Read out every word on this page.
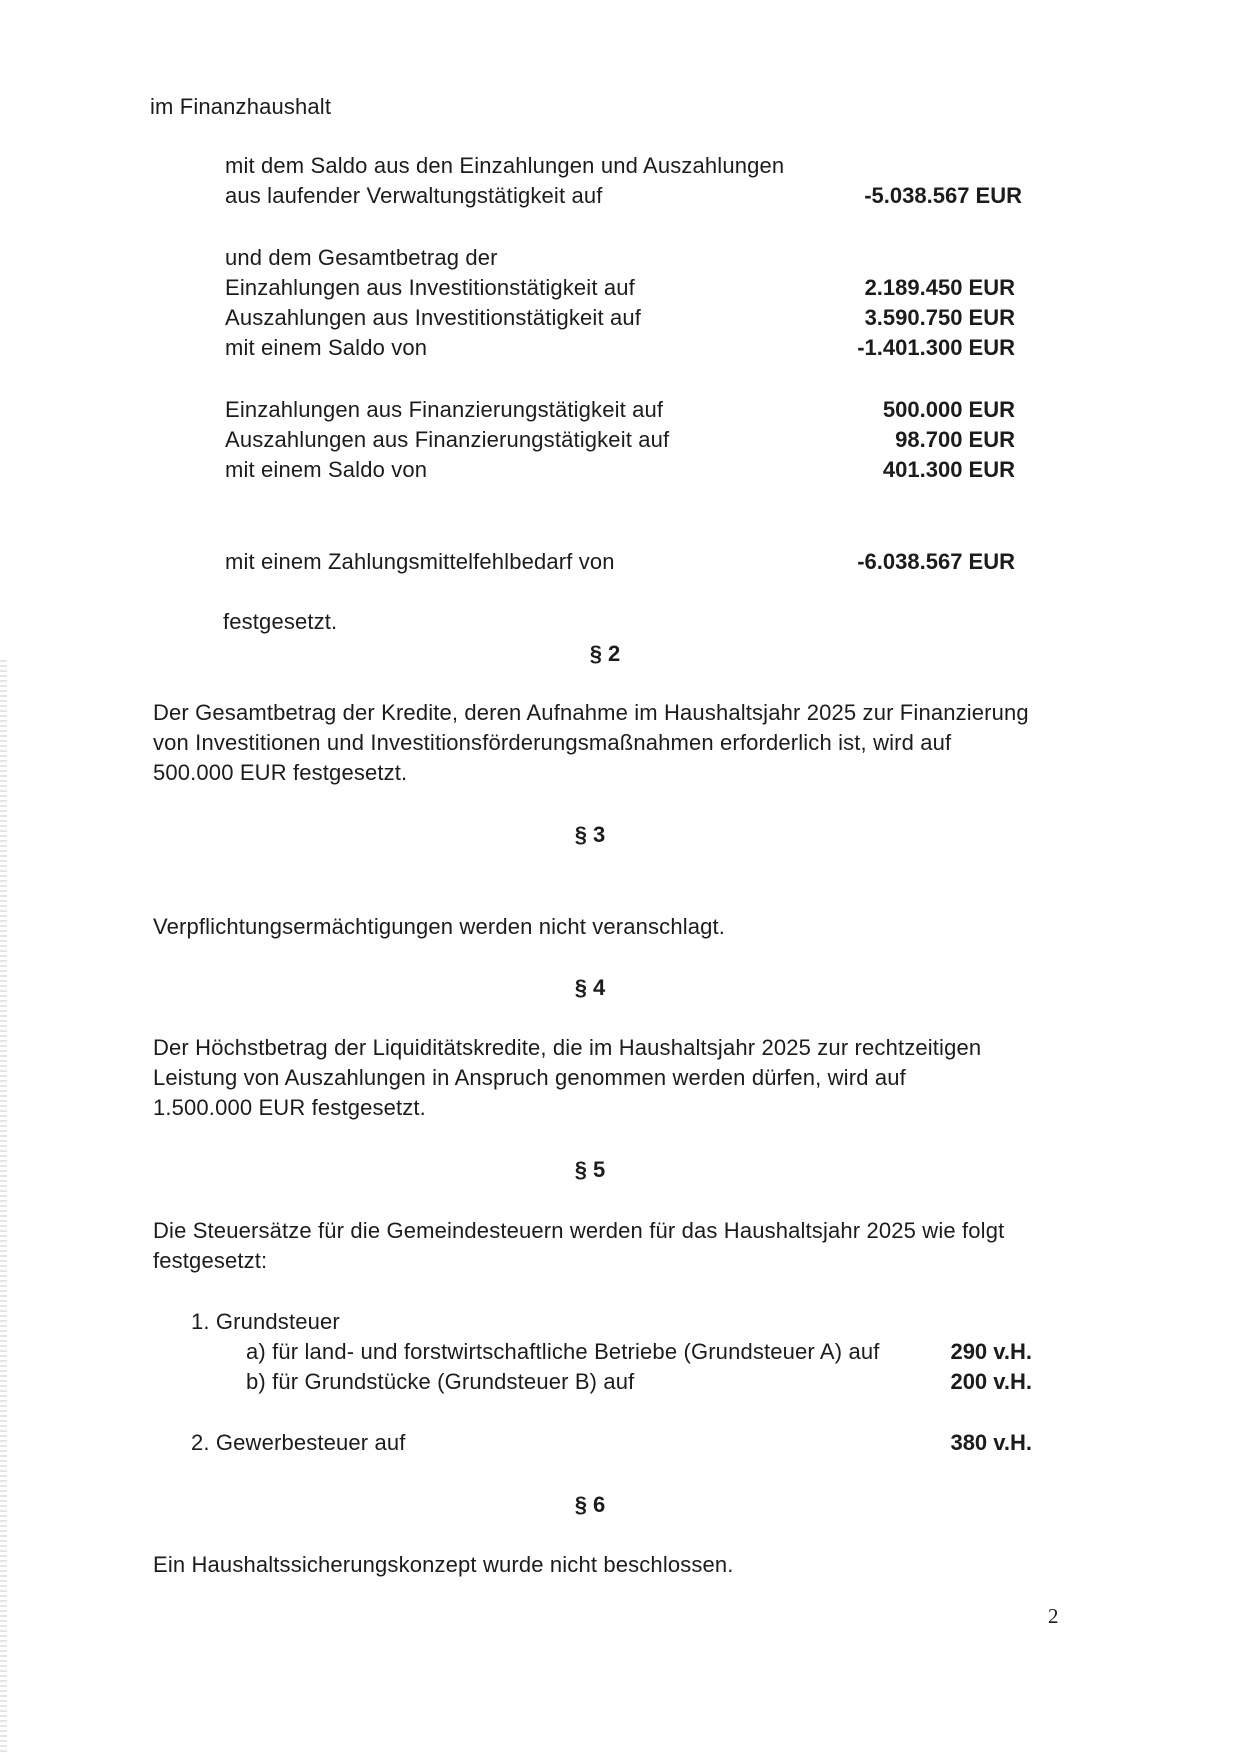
im Finanzhaushalt
mit dem Saldo aus den Einzahlungen und Auszahlungen
aus laufender Verwaltungstätigkeit auf	-5.038.567 EUR
und dem Gesamtbetrag der
Einzahlungen aus Investitionstätigkeit auf	2.189.450 EUR
Auszahlungen aus Investitionstätigkeit auf	3.590.750 EUR
mit einem Saldo von	-1.401.300 EUR
Einzahlungen aus Finanzierungstätigkeit auf	500.000 EUR
Auszahlungen aus Finanzierungstätigkeit auf	98.700 EUR
mit einem Saldo von	401.300 EUR
mit einem Zahlungsmittelfehlbedarf von	-6.038.567 EUR
festgesetzt.
§ 2
Der Gesamtbetrag der Kredite, deren Aufnahme im Haushaltsjahr 2025 zur Finanzierung
von Investitionen und Investitionsförderungsmaßnahmen erforderlich ist, wird auf
500.000 EUR festgesetzt.
§ 3
Verpflichtungsermächtigungen werden nicht veranschlagt.
§ 4
Der Höchstbetrag der Liquiditätskredite, die im Haushaltsjahr 2025 zur rechtzeitigen
Leistung von Auszahlungen in Anspruch genommen werden dürfen, wird auf
1.500.000 EUR festgesetzt.
§ 5
Die Steuersätze für die Gemeindesteuern werden für das Haushaltsjahr 2025 wie folgt
festgesetzt:
1. Grundsteuer
a) für land- und forstwirtschaftliche Betriebe (Grundsteuer A) auf	290 v.H.
b) für Grundstücke (Grundsteuer B) auf	200 v.H.
2. Gewerbesteuer auf	380 v.H.
§ 6
Ein Haushaltssicherungskonzept wurde nicht beschlossen.
2
